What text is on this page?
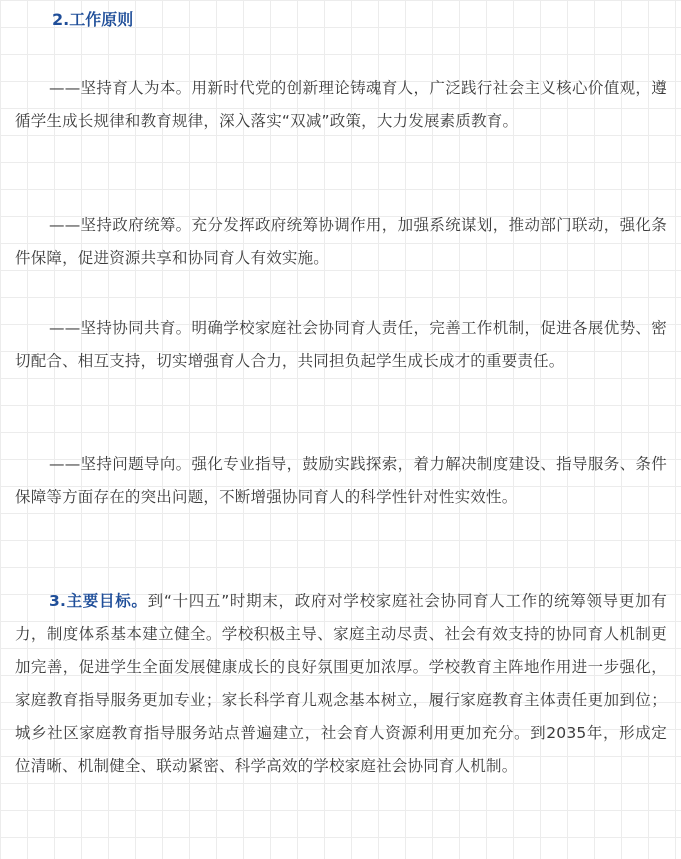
2.工作原则

——坚持育人为本。用新时代党的创新理论铸魂育人，广泛践行社会主义核心价值观，遵循学生成长规律和教育规律，深入落实“双减”政策，大力发展素质教育。

——坚持政府统筹。充分发挥政府统筹协调作用，加强系统谋划，推动部门联动，强化条件保障，促进资源共享和协同育人有效实施。

——坚持协同共育。明确学校家庭社会协同育人责任，完善工作机制，促进各展优势、密切配合、相互支持，切实增强育人合力，共同担负起学生成长成才的重要责任。

——坚持问题导向。强化专业指导，鼓励实践探索，着力解决制度建设、指导服务、条件保障等方面存在的突出问题，不断增强协同育人的科学性针对性实效性。

3.主要目标。到“十四五”时期末，政府对学校家庭社会协同育人工作的统筹领导更加有力，制度体系基本建立健全。学校积极主导、家庭主动尽责、社会有效支持的协同育人机制更加完善，促进学生全面发展健康成长的良好氛围更加浓厚。学校教育主阵地作用进一步强化，家庭教育指导服务更加专业；家长科学育儿观念基本树立，履行家庭教育主体责任更加到位；城乡社区家庭教育指导服务站点普遍建立，社会育人资源利用更加充分。到2035年，形成定位清晰、机制健全、联动紧密、科学高效的学校家庭社会协同育人机制。
